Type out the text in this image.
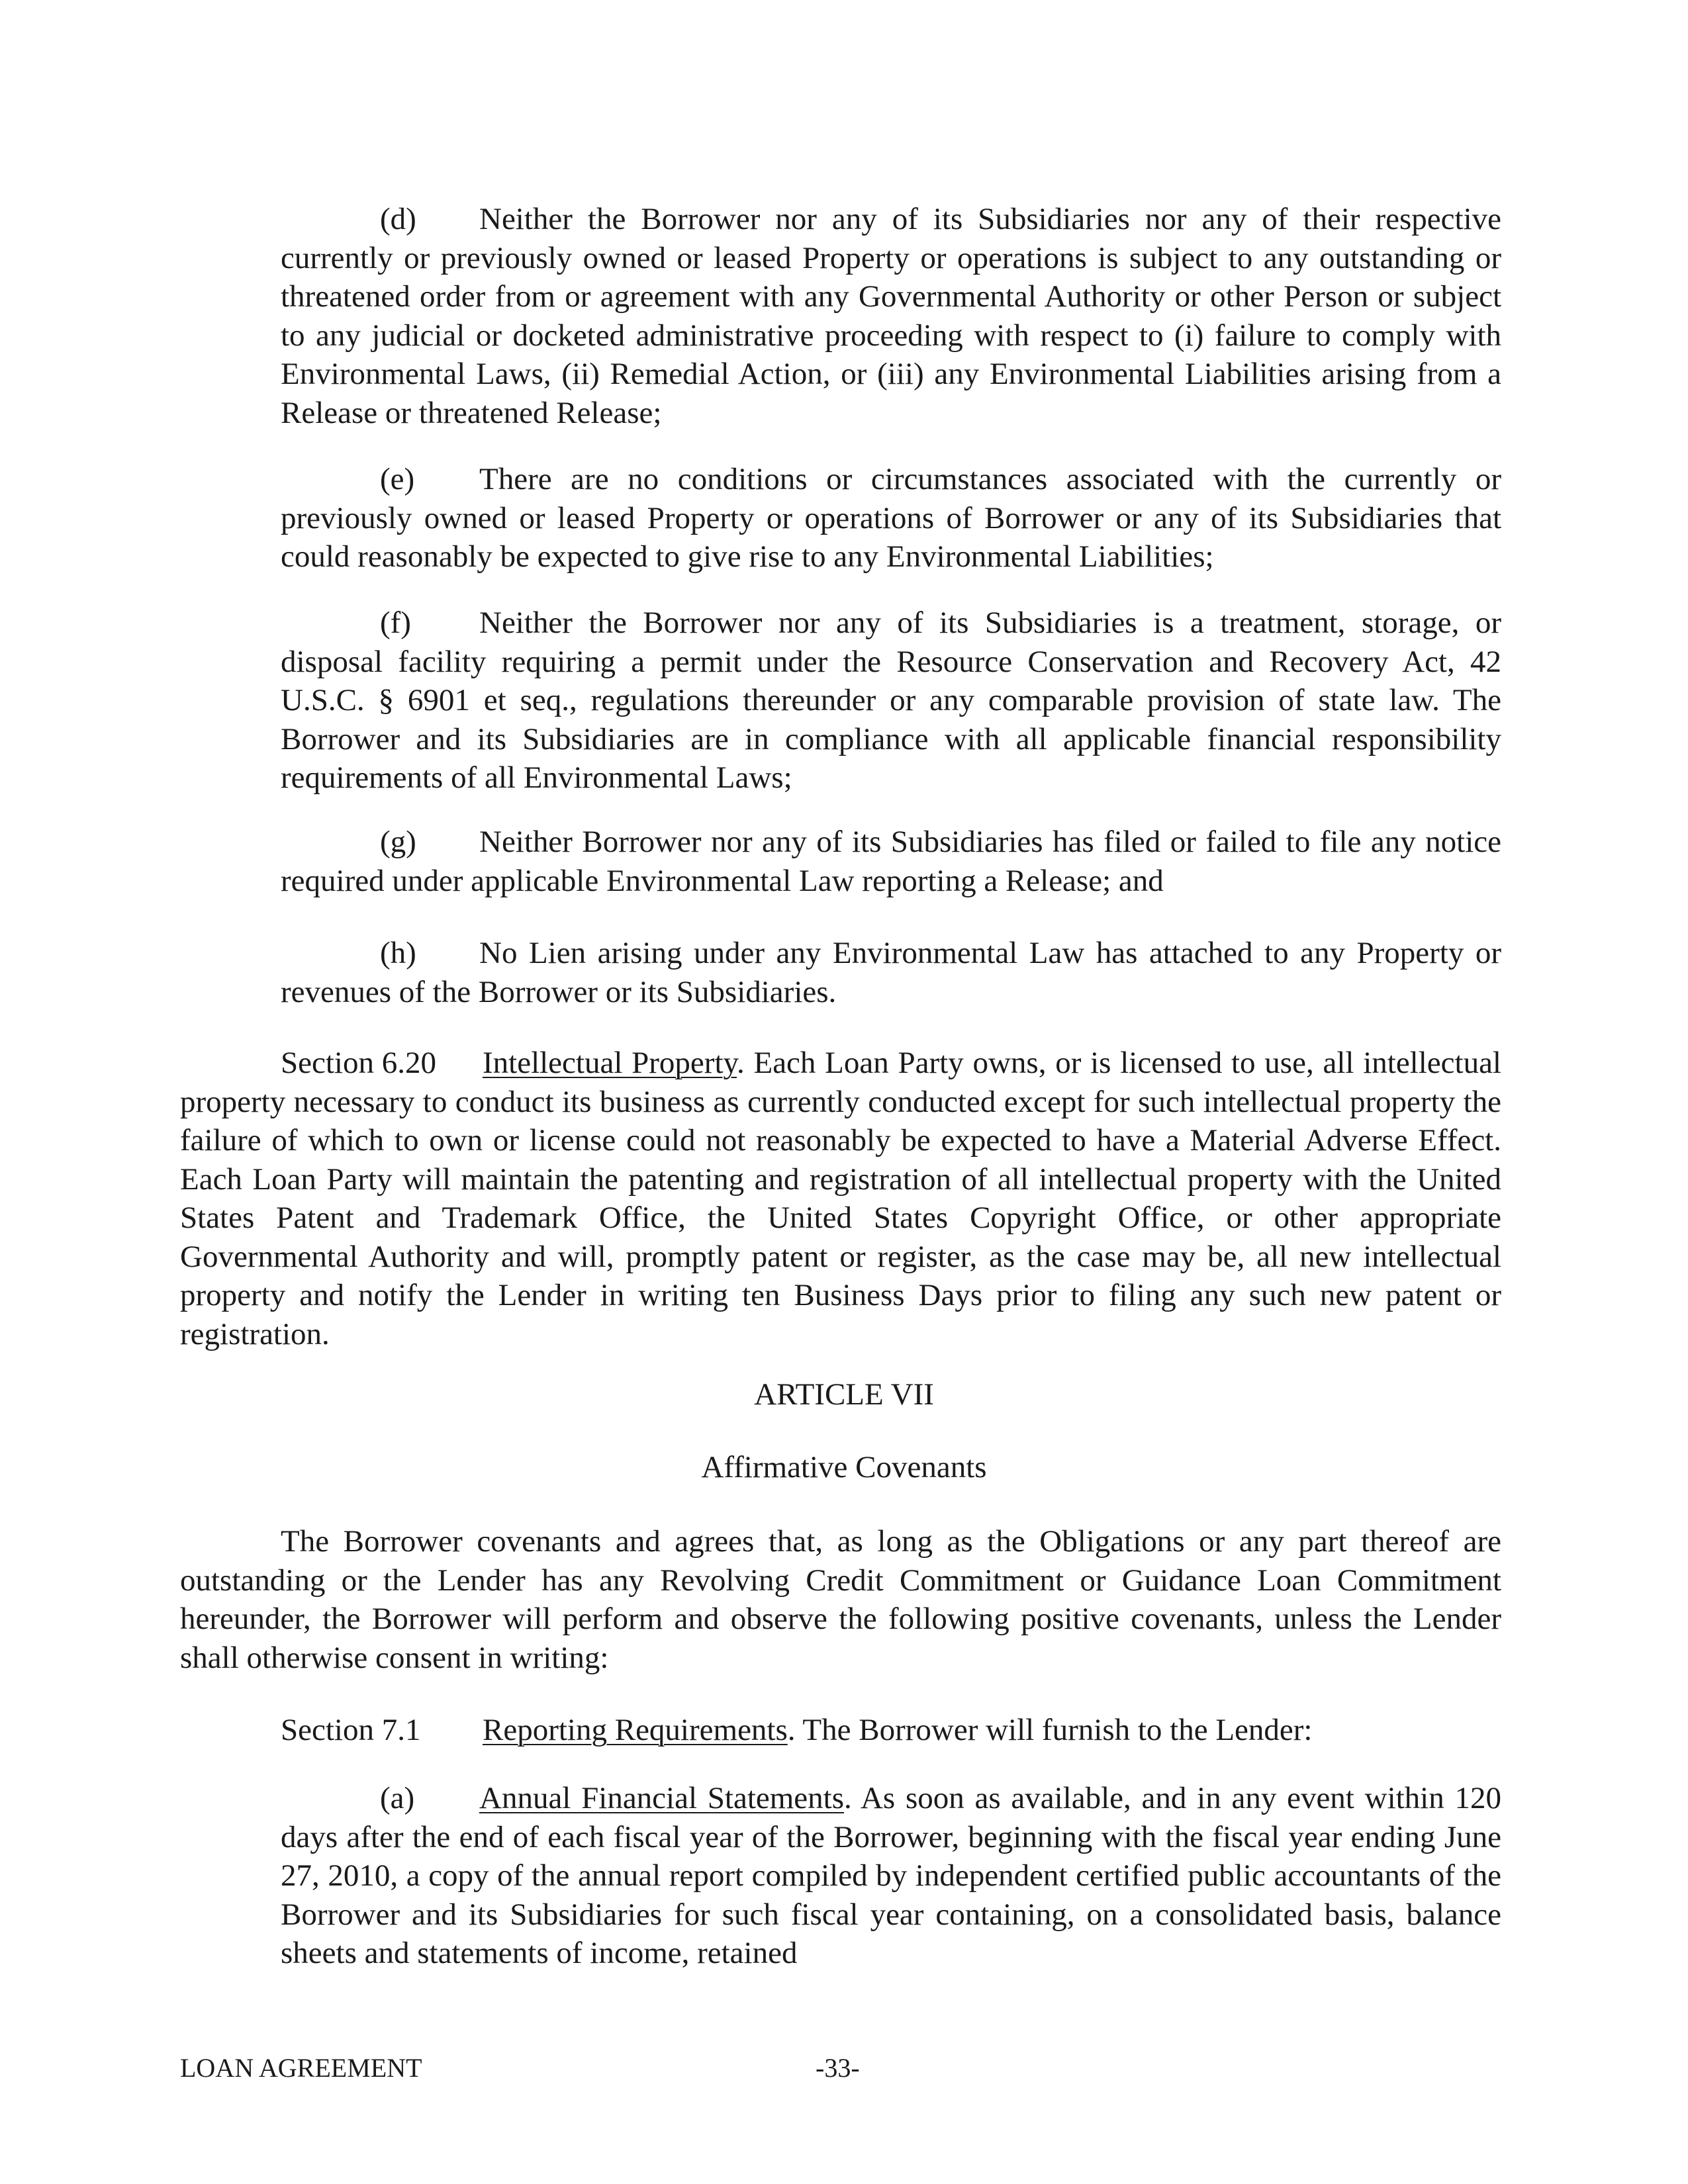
(d) Neither the Borrower nor any of its Subsidiaries nor any of their respective currently or previously owned or leased Property or operations is subject to any outstanding or threatened order from or agreement with any Governmental Authority or other Person or subject to any judicial or docketed administrative proceeding with respect to (i) failure to comply with Environmental Laws, (ii) Remedial Action, or (iii) any Environmental Liabilities arising from a Release or threatened Release;

(e) There are no conditions or circumstances associated with the currently or previously owned or leased Property or operations of Borrower or any of its Subsidiaries that could reasonably be expected to give rise to any Environmental Liabilities;

(f) Neither the Borrower nor any of its Subsidiaries is a treatment, storage, or disposal facility requiring a permit under the Resource Conservation and Recovery Act, 42 U.S.C. § 6901 et seq., regulations thereunder or any comparable provision of state law. The Borrower and its Subsidiaries are in compliance with all applicable financial responsibility requirements of all Environmental Laws;

(g) Neither Borrower nor any of its Subsidiaries has filed or failed to file any notice required under applicable Environmental Law reporting a Release; and

(h) No Lien arising under any Environmental Law has attached to any Property or revenues of the Borrower or its Subsidiaries.

Section 6.20 Intellectual Property. Each Loan Party owns, or is licensed to use, all intellectual property necessary to conduct its business as currently conducted except for such intellectual property the failure of which to own or license could not reasonably be expected to have a Material Adverse Effect. Each Loan Party will maintain the patenting and registration of all intellectual property with the United States Patent and Trademark Office, the United States Copyright Office, or other appropriate Governmental Authority and will, promptly patent or register, as the case may be, all new intellectual property and notify the Lender in writing ten Business Days prior to filing any such new patent or registration.

ARTICLE VII
Affirmative Covenants

The Borrower covenants and agrees that, as long as the Obligations or any part thereof are outstanding or the Lender has any Revolving Credit Commitment or Guidance Loan Commitment hereunder, the Borrower will perform and observe the following positive covenants, unless the Lender shall otherwise consent in writing:

Section 7.1 Reporting Requirements. The Borrower will furnish to the Lender:

(a) Annual Financial Statements. As soon as available, and in any event within 120 days after the end of each fiscal year of the Borrower, beginning with the fiscal year ending June 27, 2010, a copy of the annual report compiled by independent certified public accountants of the Borrower and its Subsidiaries for such fiscal year containing, on a consolidated basis, balance sheets and statements of income, retained

LOAN AGREEMENT	-33-
